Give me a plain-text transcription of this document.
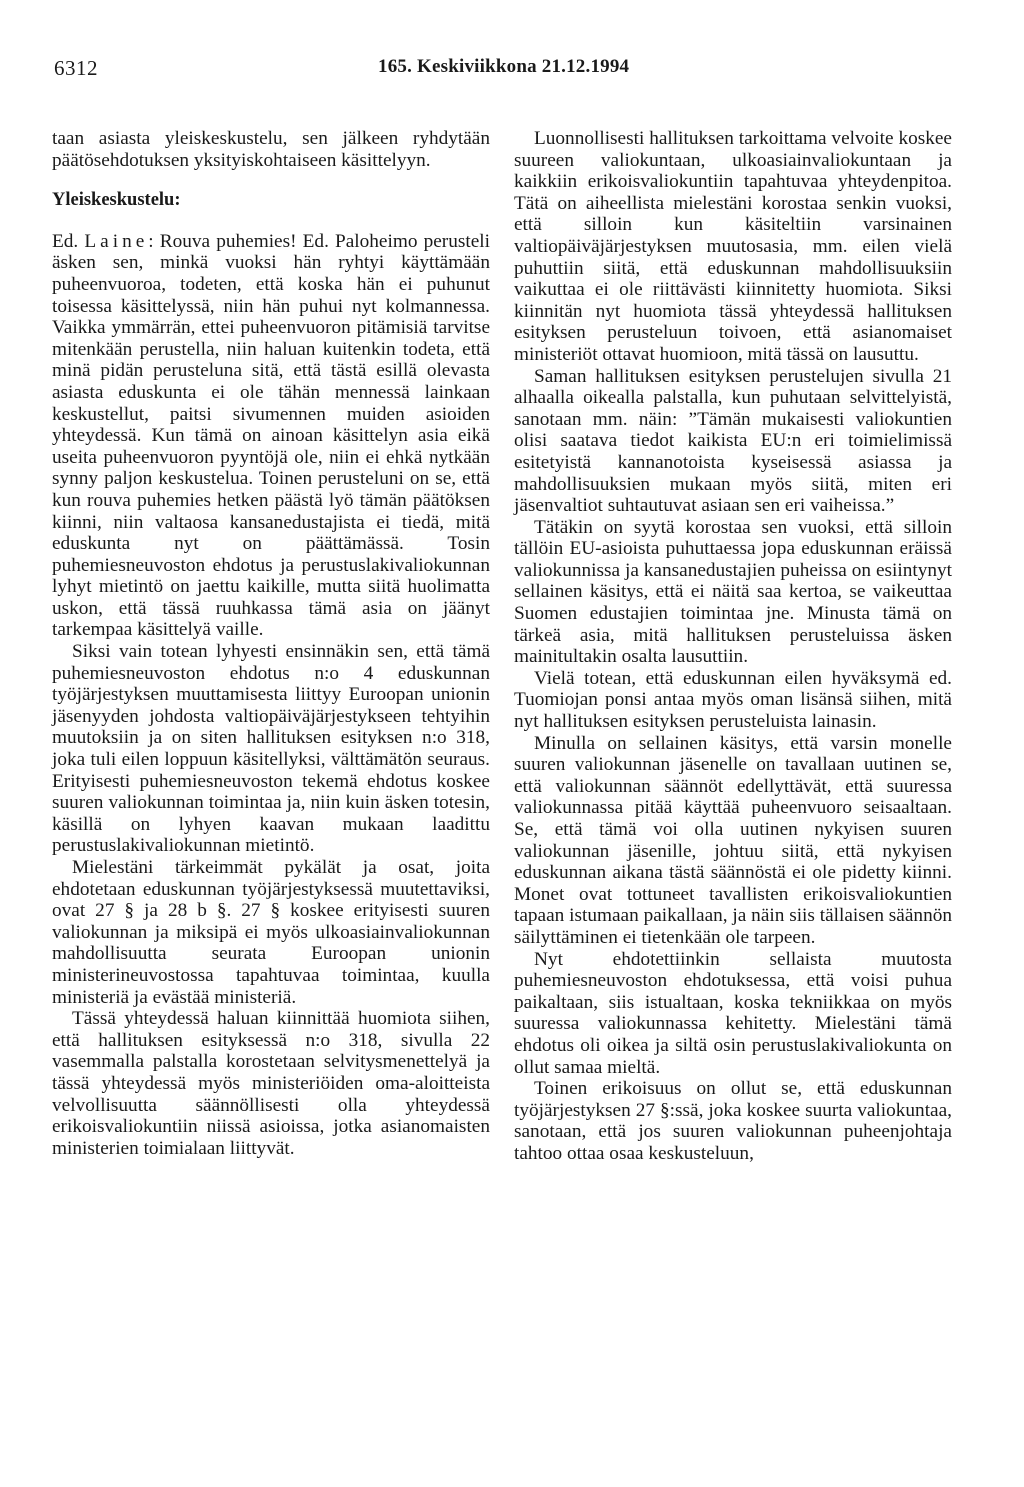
6312	165. Keskiviikkona 21.12.1994

taan asiasta yleiskeskustelu, sen jälkeen ryhdytään päätösehdotuksen yksityiskohtaiseen käsittelyyn.

Yleiskeskustelu:

Ed. Laine: Rouva puhemies! Ed. Paloheimo perusteli äsken sen, minkä vuoksi hän ryhtyi käyttämään puheenvuoroa, todeten, että koska hän ei puhunut toisessa käsittelyssä, niin hän puhui nyt kolmannessa. Vaikka ymmärrän, ettei puheenvuoron pitämisiä tarvitse mitenkään perustella, niin haluan kuitenkin todeta, että minä pidän perusteluna sitä, että tästä esillä olevasta asiasta eduskunta ei ole tähän mennessä lainkaan keskustellut, paitsi sivumennen muiden asioiden yhteydessä. Kun tämä on ainoan käsittelyn asia eikä useita puheenvuoron pyyntöjä ole, niin ei ehkä nytkään synny paljon keskustelua. Toinen perusteluni on se, että kun rouva puhemies hetken päästä lyö tämän päätöksen kiinni, niin valtaosa kansanedustajista ei tiedä, mitä eduskunta nyt on päättämässä. Tosin puhemiesneuvoston ehdotus ja perustuslakivaliokunnan lyhyt mietintö on jaettu kaikille, mutta siitä huolimatta uskon, että tässä ruuhkassa tämä asia on jäänyt tarkempaa käsittelyä vaille.

Siksi vain totean lyhyesti ensinnäkin sen, että tämä puhemiesneuvoston ehdotus n:o 4 eduskunnan työjärjestyksen muuttamisesta liittyy Euroopan unionin jäsenyyden johdosta valtiopäiväjärjestykseen tehtyihin muutoksiin ja on siten hallituksen esityksen n:o 318, joka tuli eilen loppuun käsitellyksi, välttämätön seuraus. Erityisesti puhemiesneuvoston tekemä ehdotus koskee suuren valiokunnan toimintaa ja, niin kuin äsken totesin, käsillä on lyhyen kaavan mukaan laadittu perustuslakivaliokunnan mietintö.

Mielestäni tärkeimmät pykälät ja osat, joita ehdotetaan eduskunnan työjärjestyksessä muutettaviksi, ovat 27 § ja 28 b §. 27 § koskee erityisesti suuren valiokunnan ja miksipä ei myös ulkoasiainvaliokunnan mahdollisuutta seurata Euroopan unionin ministerineuvostossa tapahtuvaa toimintaa, kuulla ministeriä ja evästää ministeriä.

Tässä yhteydessä haluan kiinnittää huomiota siihen, että hallituksen esityksessä n:o 318, sivulla 22 vasemmalla palstalla korostetaan selvitysmenettelyä ja tässä yhteydessä myös ministeriöiden oma-aloitteista velvollisuutta säännöllisesti olla yhteydessä erikoisvaliokuntiin niissä asioissa, jotka asianomaisten ministerien toimialaan liittyvät.

Luonnollisesti hallituksen tarkoittama velvoite koskee suureen valiokuntaan, ulkoasiainvaliokuntaan ja kaikkiin erikoisvaliokuntiin tapahtuvaa yhteydenpitoa. Tätä on aiheellista mielestäni korostaa senkin vuoksi, että silloin kun käsiteltiin varsinainen valtiopäiväjärjestyksen muutosasia, mm. eilen vielä puhuttiin siitä, että eduskunnan mahdollisuuksiin vaikuttaa ei ole riittävästi kiinnitetty huomiota. Siksi kiinnitän nyt huomiota tässä yhteydessä hallituksen esityksen perusteluun toivoen, että asianomaiset ministeriöt ottavat huomioon, mitä tässä on lausuttu.

Saman hallituksen esityksen perustelujen sivulla 21 alhaalla oikealla palstalla, kun puhutaan selvittelyistä, sanotaan mm. näin: ”Tämän mukaisesti valiokuntien olisi saatava tiedot kaikista EU:n eri toimielimissä esitetyistä kannanotoista kyseisessä asiassa ja mahdollisuuksien mukaan myös siitä, miten eri jäsenvaltiot suhtautuvat asiaan sen eri vaiheissa.”

Tätäkin on syytä korostaa sen vuoksi, että silloin tällöin EU-asioista puhuttaessa jopa eduskunnan eräissä valiokunnissa ja kansanedustajien puheissa on esiintynyt sellainen käsitys, että ei näitä saa kertoa, se vaikeuttaa Suomen edustajien toimintaa jne. Minusta tämä on tärkeä asia, mitä hallituksen perusteluissa äsken mainitultakin osalta lausuttiin.

Vielä totean, että eduskunnan eilen hyväksymä ed. Tuomiojan ponsi antaa myös oman lisänsä siihen, mitä nyt hallituksen esityksen perusteluista lainasin.

Minulla on sellainen käsitys, että varsin monelle suuren valiokunnan jäsenelle on tavallaan uutinen se, että valiokunnan säännöt edellyttävät, että suuressa valiokunnassa pitää käyttää puheenvuoro seisaaltaan. Se, että tämä voi olla uutinen nykyisen suuren valiokunnan jäsenille, johtuu siitä, että nykyisen eduskunnan aikana tästä säännöstä ei ole pidetty kiinni. Monet ovat tottuneet tavallisten erikoisvaliokuntien tapaan istumaan paikallaan, ja näin siis tällaisen säännön säilyttäminen ei tietenkään ole tarpeen.

Nyt ehdotettiinkin sellaista muutosta puhemiesneuvoston ehdotuksessa, että voisi puhua paikaltaan, siis istualtaan, koska tekniikkaa on myös suuressa valiokunnassa kehitetty. Mielestäni tämä ehdotus oli oikea ja siltä osin perustuslakivaliokunta on ollut samaa mieltä.

Toinen erikoisuus on ollut se, että eduskunnan työjärjestyksen 27 §:ssä, joka koskee suurta valiokuntaa, sanotaan, että jos suuren valiokunnan puheenjohtaja tahtoo ottaa osaa keskusteluun,
